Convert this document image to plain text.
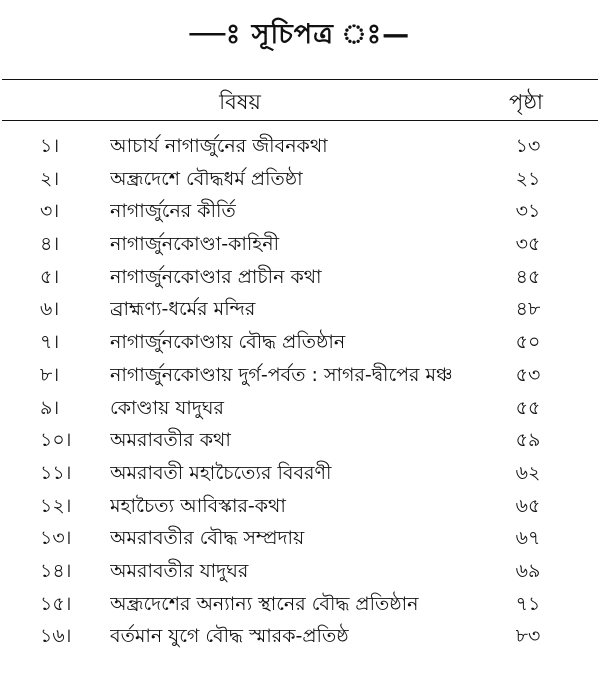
—ঃ সূচিপত্র ঃ—
বিষয়	পৃষ্ঠা
১।	আচার্য নাগার্জুনের জীবনকথা	১৩
২।	অন্ধ্রদেশে বৌদ্ধধর্ম প্রতিষ্ঠা	২১
৩।	নাগার্জুনের কীর্তি	৩১
৪।	নাগার্জুনকোণ্ডা-কাহিনী	৩৫
৫।	নাগার্জুনকোণ্ডার প্রাচীন কথা	৪৫
৬।	ব্রাহ্মণ্য-ধর্মের মন্দির	৪৮
৭।	নাগার্জুনকোণ্ডায় বৌদ্ধ প্রতিষ্ঠান	৫০
৮।	নাগার্জুনকোণ্ডায় দুর্গ-পর্বত : সাগর-দ্বীপের মঞ্চ	৫৩
৯।	কোণ্ডায় যাদুঘর	৫৫
১০।	অমরাবতীর কথা	৫৯
১১।	অমরাবতী মহাচৈত্যের বিবরণী	৬২
১২।	মহাচৈত্য আবিস্কার-কথা	৬৫
১৩।	অমরাবতীর বৌদ্ধ সম্প্রদায়	৬৭
১৪।	অমরাবতীর যাদুঘর	৬৯
১৫।	অন্ধ্রদেশের অন্যান্য স্থানের বৌদ্ধ প্রতিষ্ঠান	৭১
১৬।	বর্তমান যুগে বৌদ্ধ স্মারক-প্রতিষ্ঠ	৮৩
